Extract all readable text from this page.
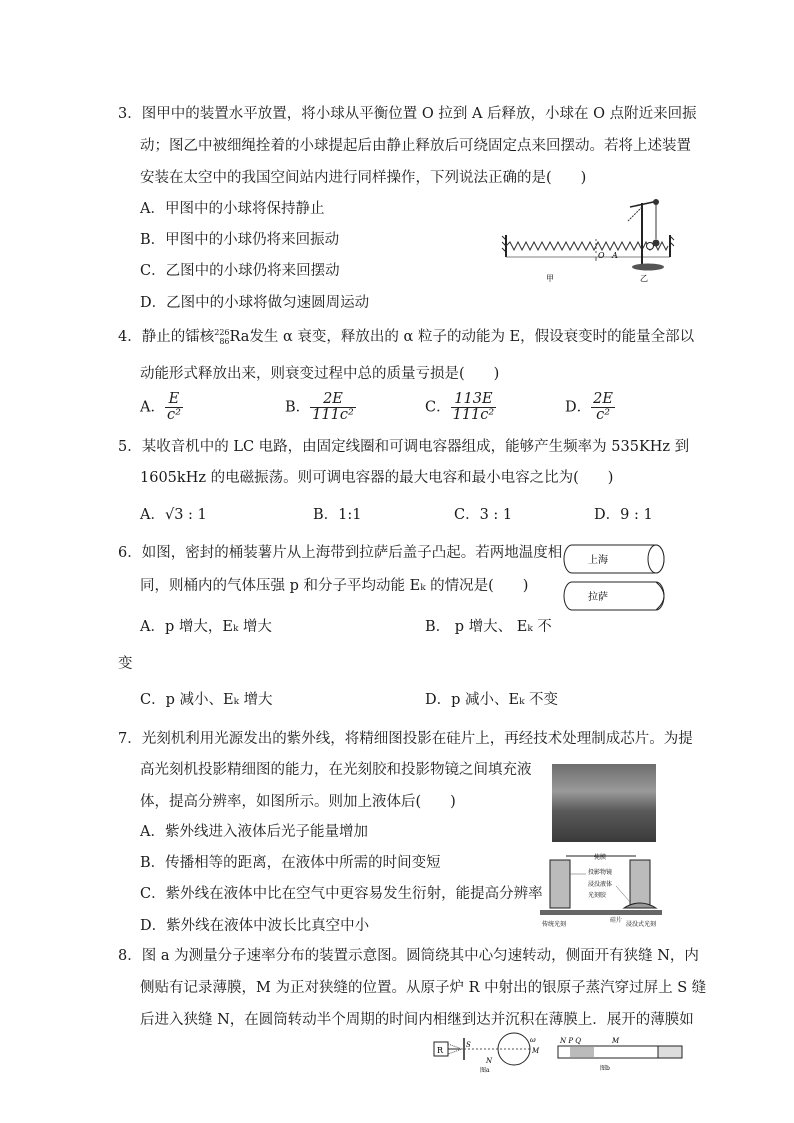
3．图甲中的装置水平放置，将小球从平衡位置 O 拉到 A 后释放，小球在 O 点附近来回振
动；图乙中被细绳拴着的小球提起后由静止释放后可绕固定点来回摆动。若将上述装置
安装在太空中的我国空间站内进行同样操作，下列说法正确的是(　　)
A．甲图中的小球将保持静止
B．甲图中的小球仍将来回振动
C．乙图中的小球仍将来回摆动
D．乙图中的小球将做匀速圆周运动
O A
甲	乙
4．静止的镭核 226
86 Ra发生 α 衰变，释放出的 α 粒子的动能为 E，假设衰变时的能量全部以
动能形式释放出来，则衰变过程中总的质量亏损是(　　)
A． $\frac{E}{\text{c²}}$	B． $\frac{2E}{\text{111c²}}$	C． $\frac{113E}{\text{111c²}}$	D． $\frac{2E}{\text{c²}}$
5．某收音机中的 LC 电路，由固定线圈和可调电容器组成，能够产生频率为 535KHz 到
1605kHz 的电磁振荡。则可调电容器的最大电容和最小电容之比为(　　)
A．√3 : 1	B．1:1	C．3 : 1	D．9 : 1
6．如图，密封的桶装薯片从上海带到拉萨后盖子凸起。若两地温度相
同，则桶内的气体压强 p 和分子平均动能 Eₖ 的情况是(　　)
上海
拉萨
A．p 增大，Eₖ 增大	B． p 增大、 Eₖ 不
变
C．p 减小、Eₖ 增大	D．p 减小、Eₖ 不变
7．光刻机利用光源发出的紫外线，将精细图投影在硅片上，再经技术处理制成芯片。为提
高光刻机投影精细图的能力，在光刻胶和投影物镜之间填充液
体，提高分辨率，如图所示。则加上液体后(　　)
A．紫外线进入液体后光子能量增加
B．传播相等的距离，在液体中所需的时间变短
C．紫外线在液体中比在空气中更容易发生衍射，能提高分辨率
D．紫外线在液体中波长比真空中小
掩膜
投影物镜
浸没液体
光刻胶
硅片
传统光刻	浸没式光刻
8．图 a 为测量分子速率分布的装置示意图。圆筒绕其中心匀速转动，侧面开有狭缝 N，内
侧贴有记录薄膜，M 为正对狭缝的位置。从原子炉 R 中射出的银原子蒸汽穿过屏上 S 缝
后进入狭缝 N，在圆筒转动半个周期的时间内相继到达并沉积在薄膜上．展开的薄膜如
R
S
ω
N
M
图a
N P Q	M
图b
